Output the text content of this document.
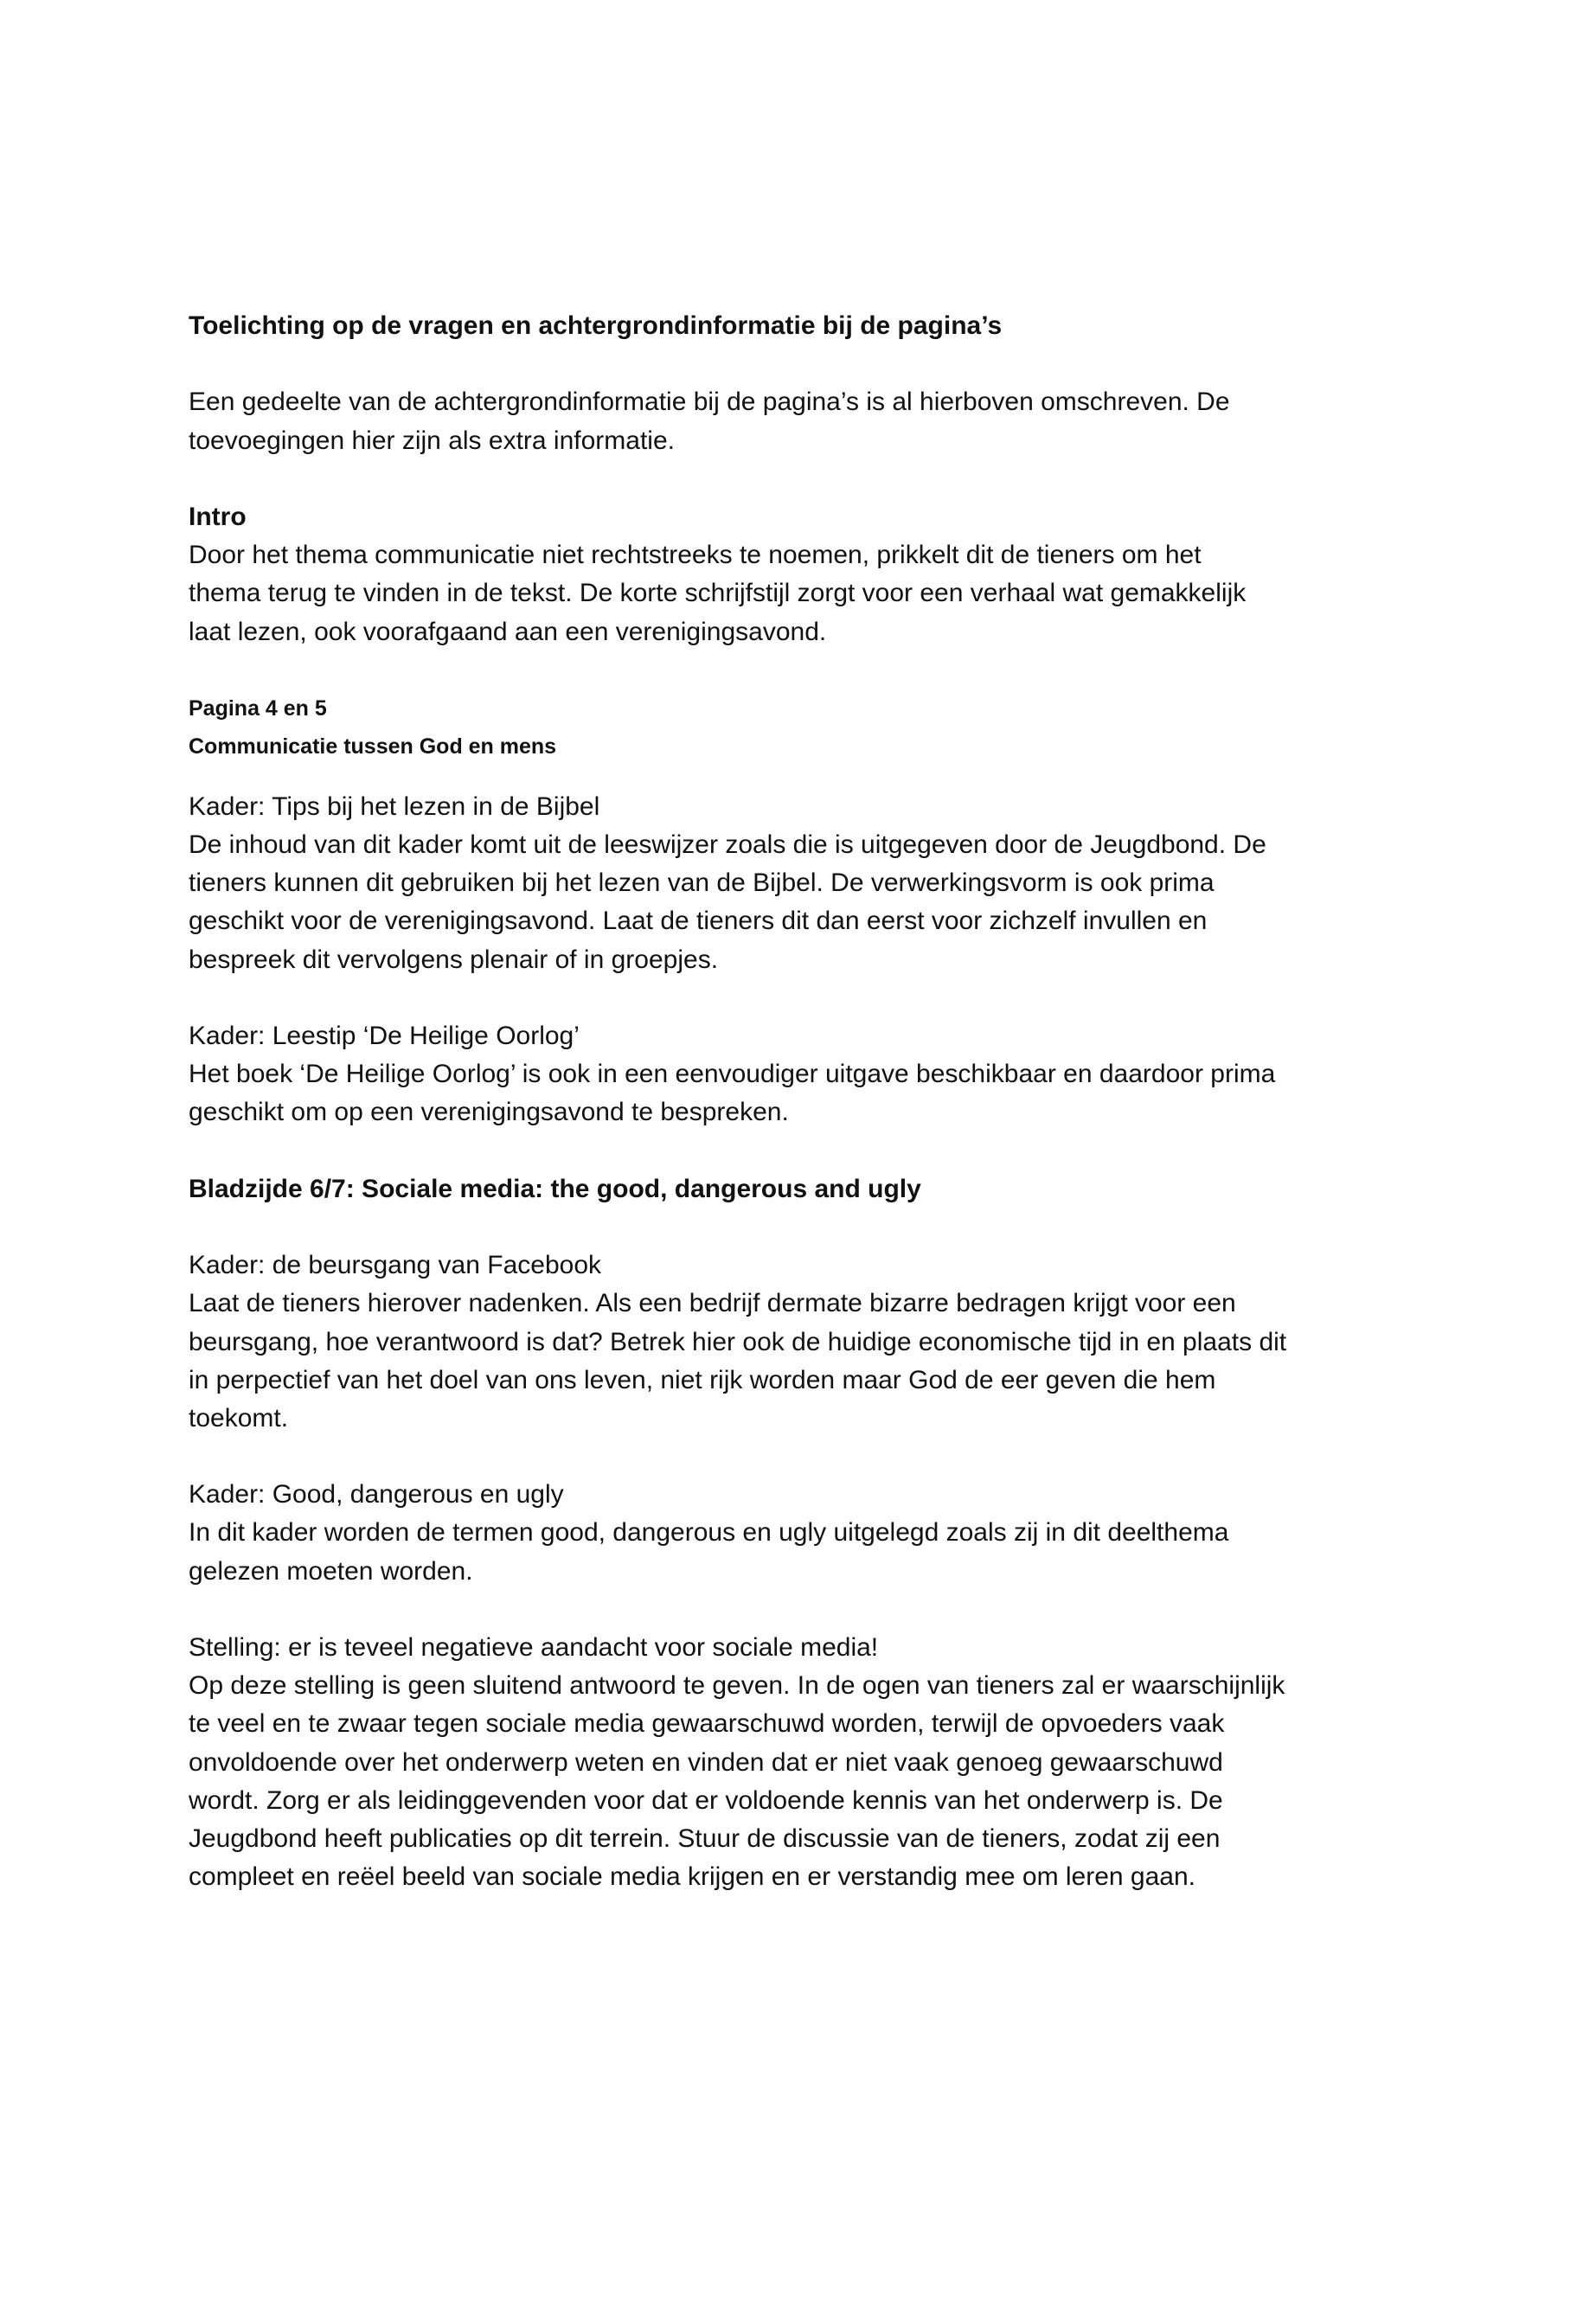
Toelichting op de vragen en achtergrondinformatie bij de pagina’s
Een gedeelte van de achtergrondinformatie bij de pagina’s is al hierboven omschreven. De
toevoegingen hier zijn als extra informatie.
Intro
Door het thema communicatie niet rechtstreeks te noemen, prikkelt dit de tieners om het
thema terug te vinden in de tekst. De korte schrijfstijl zorgt voor een verhaal wat gemakkelijk
laat lezen, ook voorafgaand aan een verenigingsavond.
Pagina 4 en 5
Communicatie tussen God en mens
Kader: Tips bij het lezen in de Bijbel
De inhoud van dit kader komt uit de leeswijzer zoals die is uitgegeven door de Jeugdbond. De
tieners kunnen dit gebruiken bij het lezen van de Bijbel. De verwerkingsvorm is ook prima
geschikt voor de verenigingsavond. Laat de tieners dit dan eerst voor zichzelf invullen en
bespreek dit vervolgens plenair of in groepjes.
Kader: Leestip ‘De Heilige Oorlog’
Het boek ‘De Heilige Oorlog’ is ook in een eenvoudiger uitgave beschikbaar en daardoor prima
geschikt om op een verenigingsavond te bespreken.
Bladzijde 6/7: Sociale media: the good, dangerous and ugly
Kader: de beursgang van Facebook
Laat de tieners hierover nadenken. Als een bedrijf dermate bizarre bedragen krijgt voor een
beursgang, hoe verantwoord is dat? Betrek hier ook de huidige economische tijd in en plaats dit
in perpectief van het doel van ons leven, niet rijk worden maar God de eer geven die hem
toekomt.
Kader: Good, dangerous en ugly
In dit kader worden de termen good, dangerous en ugly uitgelegd zoals zij in dit deelthema
gelezen moeten worden.
Stelling: er is teveel negatieve aandacht voor sociale media!
Op deze stelling is geen sluitend antwoord te geven. In de ogen van tieners zal er waarschijnlijk
te veel en te zwaar tegen sociale media gewaarschuwd worden, terwijl de opvoeders vaak
onvoldoende over het onderwerp weten en vinden dat er niet vaak genoeg gewaarschuwd
wordt. Zorg er als leidinggevenden voor dat er voldoende kennis van het onderwerp is. De
Jeugdbond heeft publicaties op dit terrein. Stuur de discussie van de tieners, zodat zij een
compleet en reëel beeld van sociale media krijgen en er verstandig mee om leren gaan.
